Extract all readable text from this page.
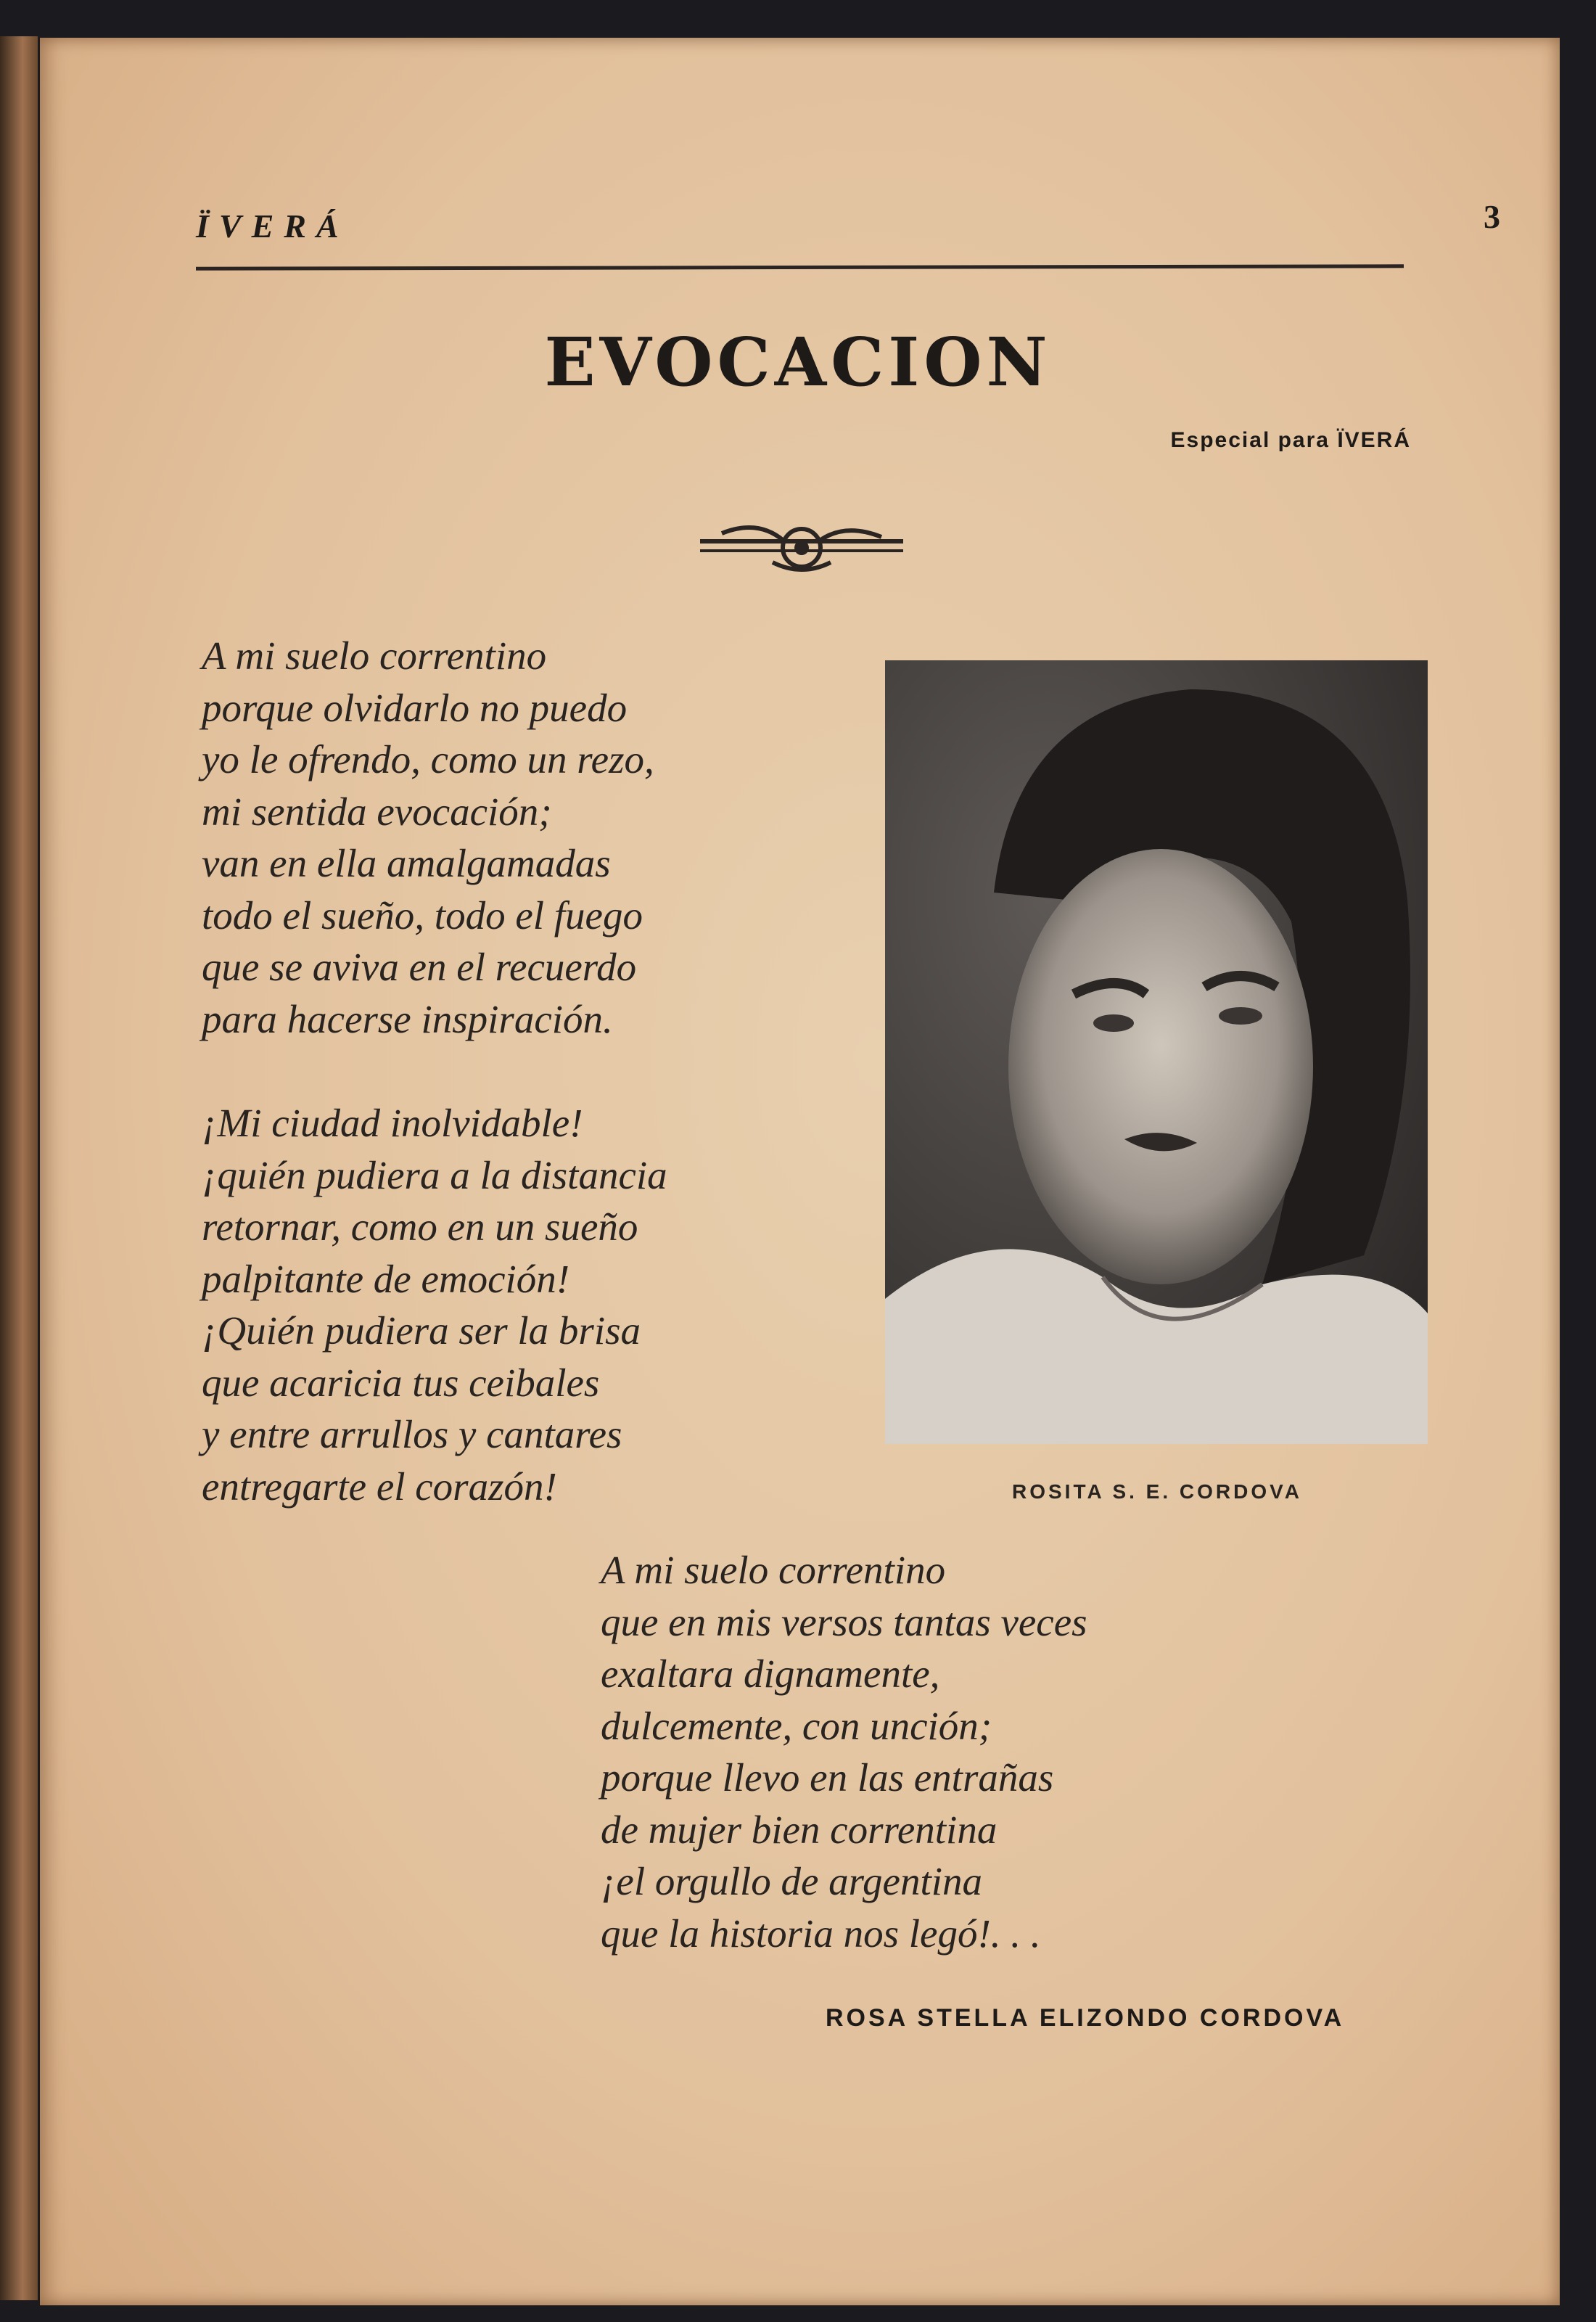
ÏVERÁ	3
EVOCACION
Especial para ÏVERÁ
A mi suelo correntino
porque olvidarlo no puedo
yo le ofrendo, como un rezo,
mi sentida evocación;
van en ella amalgamadas
todo el sueño, todo el fuego
que se aviva en el recuerdo
para hacerse inspiración.
¡Mi ciudad inolvidable!
¡quién pudiera a la distancia
retornar, como en un sueño
palpitante de emoción!
¡Quién pudiera ser la brisa
que acaricia tus ceibales
y entre arrullos y cantares
entregarte el corazón!	ROSITA S. E. CORDOVA
A mi suelo correntino
que en mis versos tantas veces
exaltara dignamente,
dulcemente, con unción;
porque llevo en las entrañas
de mujer bien correntina
¡el orgullo de argentina
que la historia nos legó!. . .
ROSA STELLA ELIZONDO CORDOVA
